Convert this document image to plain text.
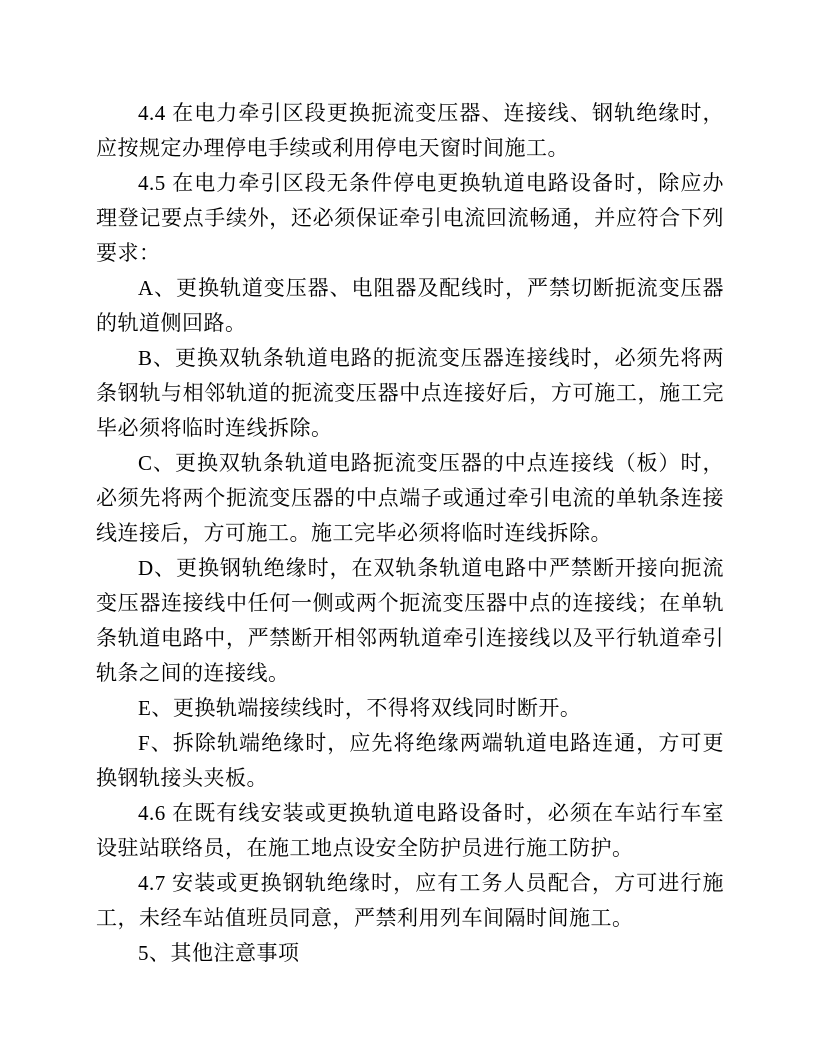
4.4 在电力牵引区段更换扼流变压器、连接线、钢轨绝缘时，应按规定办理停电手续或利用停电天窗时间施工。

4.5 在电力牵引区段无条件停电更换轨道电路设备时，除应办理登记要点手续外，还必须保证牵引电流回流畅通，并应符合下列要求：

A、更换轨道变压器、电阻器及配线时，严禁切断扼流变压器的轨道侧回路。

B、更换双轨条轨道电路的扼流变压器连接线时，必须先将两条钢轨与相邻轨道的扼流变压器中点连接好后，方可施工，施工完毕必须将临时连线拆除。

C、更换双轨条轨道电路扼流变压器的中点连接线（板）时，必须先将两个扼流变压器的中点端子或通过牵引电流的单轨条连接线连接后，方可施工。施工完毕必须将临时连线拆除。

D、更换钢轨绝缘时，在双轨条轨道电路中严禁断开接向扼流变压器连接线中任何一侧或两个扼流变压器中点的连接线；在单轨条轨道电路中，严禁断开相邻两轨道牵引连接线以及平行轨道牵引轨条之间的连接线。

E、更换轨端接续线时，不得将双线同时断开。

F、拆除轨端绝缘时，应先将绝缘两端轨道电路连通，方可更换钢轨接头夹板。

4.6 在既有线安装或更换轨道电路设备时，必须在车站行车室设驻站联络员，在施工地点设安全防护员进行施工防护。

4.7 安装或更换钢轨绝缘时，应有工务人员配合，方可进行施工，未经车站值班员同意，严禁利用列车间隔时间施工。

5、其他注意事项
